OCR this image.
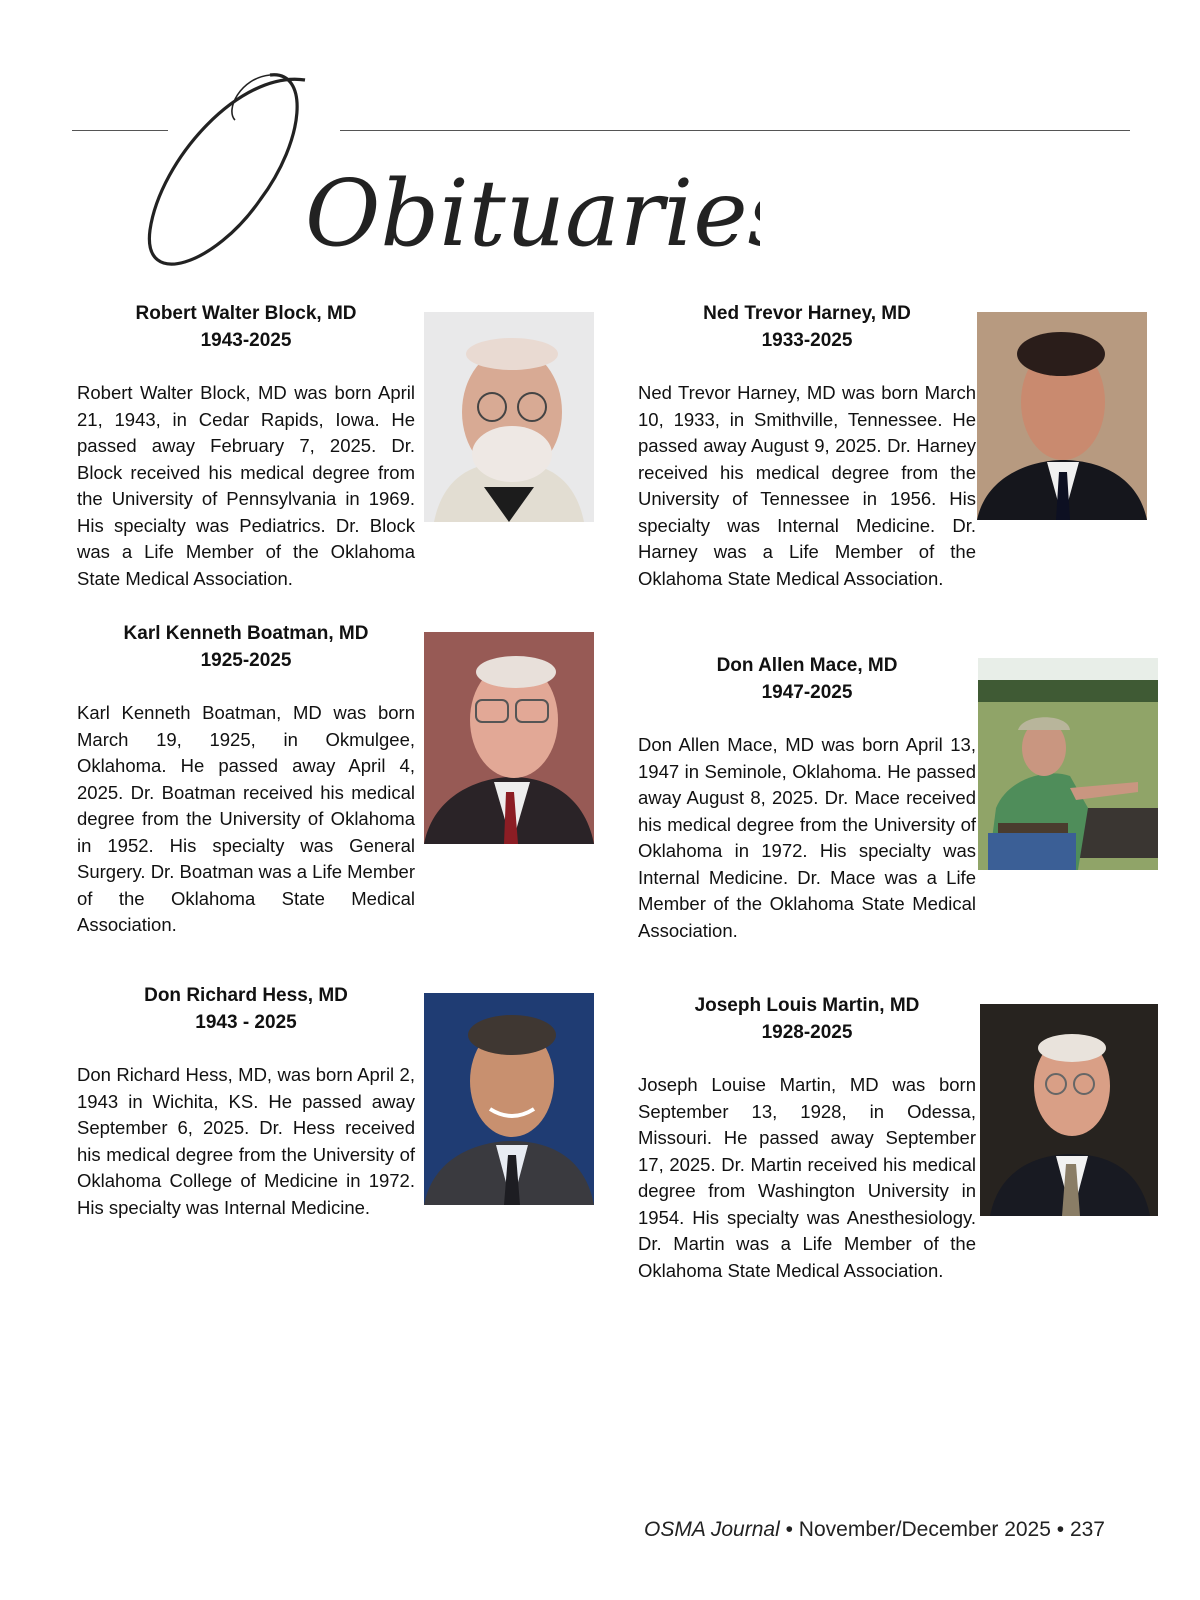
Obituaries

Robert Walter Block, MD

1943-2025

Robert Walter Block, MD was born April 21, 1943, in Cedar Rapids, Iowa. He passed away February 7, 2025. Dr. Block received his medical degree from the University of Pennsylvania in 1969. His specialty was Pediatrics. Dr. Block was a Life Member of the Oklahoma State Medical Association.

Karl Kenneth Boatman, MD

1925-2025

Karl Kenneth Boatman, MD was born March 19, 1925, in Okmulgee, Oklahoma. He passed away April 4, 2025. Dr. Boatman received his medical degree from the University of Oklahoma in 1952. His specialty was General Surgery. Dr. Boatman was a Life Member of the Oklahoma State Medical Association.

Don Richard Hess, MD

1943 - 2025

Don Richard Hess, MD, was born April 2, 1943 in Wichita, KS. He passed away September 6, 2025. Dr. Hess received his medical degree from the University of Oklahoma College of Medicine in 1972. His specialty was Internal Medicine.

Ned Trevor Harney, MD

1933-2025

Ned Trevor Harney, MD was born March 10, 1933, in Smithville, Tennessee. He passed away August 9, 2025. Dr. Harney received his medical degree from the University of Tennessee in 1956. His specialty was Internal Medicine. Dr. Harney was a Life Member of the Oklahoma State Medical Association.

Don Allen Mace, MD

1947-2025

Don Allen Mace, MD was born April 13, 1947 in Seminole, Oklahoma. He passed away August 8, 2025. Dr. Mace received his medical degree from the University of Oklahoma in 1972. His specialty was Internal Medicine. Dr. Mace was a Life Member of the Oklahoma State Medical Association.

Joseph Louis Martin, MD

1928-2025

Joseph Louise Martin, MD was born September 13, 1928, in Odessa, Missouri. He passed away September 17, 2025. Dr. Martin received his medical degree from Washington University in 1954. His specialty was Anesthesiology. Dr. Martin was a Life Member of the Oklahoma State Medical Association.

OSMA Journal • November/December 2025 • 237
